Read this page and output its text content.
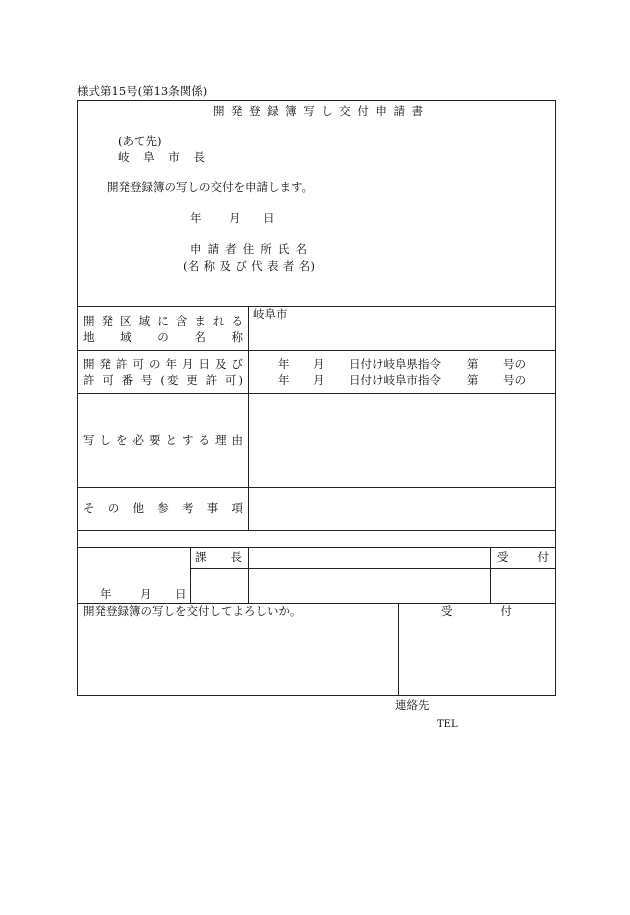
様式第15号(第13条関係)
開 発 登 録 簿 写 し 交 付 申 請 書
(あて先)
岐 阜 市 長
開発登録簿の写しの交付を申請します。
年 月 日
申 請 者 住 所 氏 名
(名 称 及 び 代 表 者 名)
開 発 区 域 に 含 ま れ る
地 域 の 名 称
岐阜市
開 発 許 可 の 年 月 日 及 び
許 可 番 号 (変 更 許 可)
年 月 日付け岐阜県指令 第 号の
年 月 日付け岐阜市指令 第 号の
写 し を 必 要 と す る 理 由
そ の 他 参 考 事 項
課 長	受 付
年 月 日
開発登録簿の写しを交付してよろしいか。	受 付
連絡先
TEL
